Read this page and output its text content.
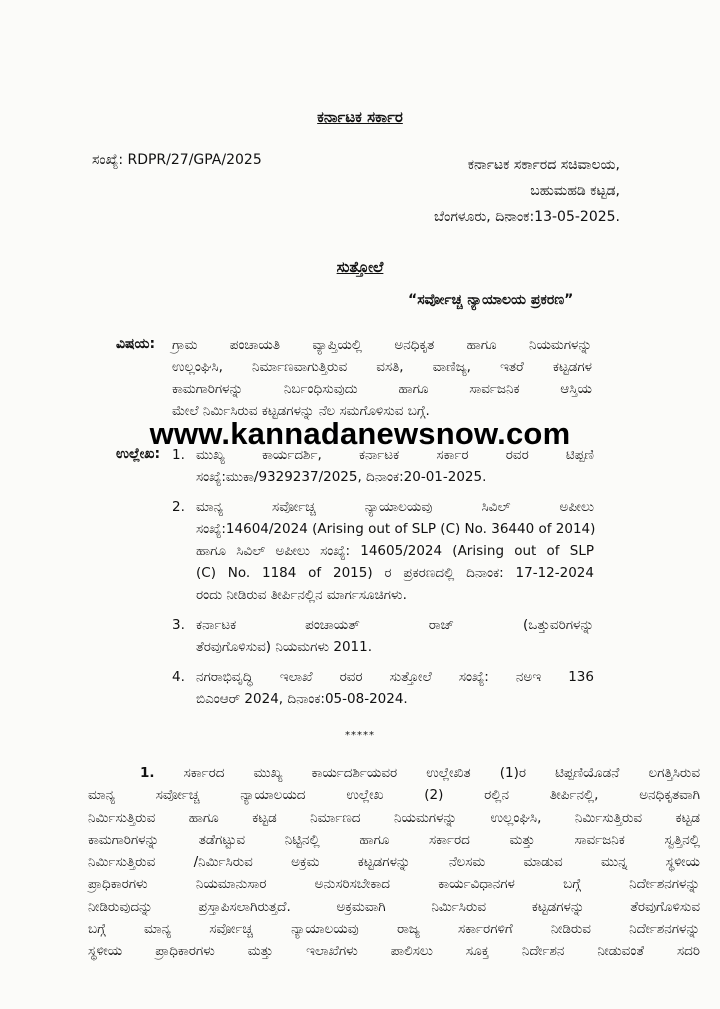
ಕರ್ನಾಟಕ ಸರ್ಕಾರ
ಸಂಖ್ಯೆ: RDPR/27/GPA/2025	ಕರ್ನಾಟಕ ಸರ್ಕಾರದ ಸಚಿವಾಲಯ,
ಬಹುಮಹಡಿ ಕಟ್ಟಡ,
ಬೆಂಗಳೂರು, ದಿನಾಂಕ:13-05-2025.
ಸುತ್ತೋಲೆ
“ಸರ್ವೋಚ್ಚ ನ್ಯಾಯಾಲಯ ಪ್ರಕರಣ”
ವಿಷಯ: ಗ್ರಾಮ ಪಂಚಾಯತಿ ವ್ಯಾಪ್ತಿಯಲ್ಲಿ ಅನಧಿಕೃತ ಹಾಗೂ ನಿಯಮಗಳನ್ನು
ಉಲ್ಲಂಘಿಸಿ, ನಿರ್ಮಾಣವಾಗುತ್ತಿರುವ ವಸತಿ, ವಾಣಿಜ್ಯ, ಇತರೆ ಕಟ್ಟಡಗಳ
ಕಾಮಗಾರಿಗಳನ್ನು ನಿರ್ಬಂಧಿಸುವುದು ಹಾಗೂ ಸಾರ್ವಜನಿಕ ಆಸ್ತಿಯ
ಮೇಲೆ ನಿರ್ಮಿಸಿರುವ ಕಟ್ಟಡಗಳನ್ನು ನೆಲ ಸಮಗೊಳಿಸುವ ಬಗ್ಗೆ.
www.kannadanewsnow.com
ಉಲ್ಲೇಖ: 1. ಮುಖ್ಯ ಕಾರ್ಯದರ್ಶಿ, ಕರ್ನಾಟಕ ಸರ್ಕಾರ ರವರ ಟಿಪ್ಪಣಿ
ಸಂಖ್ಯೆ:ಮುಕಾ/9329237/2025, ದಿನಾಂಕ:20-01-2025.
2. ಮಾನ್ಯ ಸರ್ವೋಚ್ಚ ನ್ಯಾಯಾಲಯವು ಸಿವಿಲ್ ಅಪೀಲು
ಸಂಖ್ಯೆ:14604/2024 (Arising out of SLP (C) No. 36440 of 2014)
ಹಾಗೂ ಸಿವಿಲ್ ಅಪೀಲು ಸಂಖ್ಯೆ: 14605/2024 (Arising out of SLP
(C) No. 1184 of 2015) ರ ಪ್ರಕರಣದಲ್ಲಿ ದಿನಾಂಕ: 17-12-2024
ರಂದು ನೀಡಿರುವ ತೀರ್ಪಿನಲ್ಲಿನ ಮಾರ್ಗಸೂಚಿಗಳು.
3. ಕರ್ನಾಟಕ ಪಂಚಾಯತ್ ರಾಜ್ (ಒತ್ತುವರಿಗಳನ್ನು
ತೆರವುಗೊಳಿಸುವ) ನಿಯಮಗಳು 2011.
4. ನಗರಾಭಿವೃದ್ಧಿ ಇಲಾಖೆ ರವರ ಸುತ್ತೋಲೆ ಸಂಖ್ಯೆ: ನಅಇ 136
ಬಿಎಂಆರ್ 2024, ದಿನಾಂಕ:05-08-2024.
*****
1. ಸರ್ಕಾರದ ಮುಖ್ಯ ಕಾರ್ಯದರ್ಶಿಯವರ ಉಲ್ಲೇಖಿತ (1)ರ ಟಿಪ್ಪಣಿಯೊಡನೆ ಲಗತ್ತಿಸಿರುವ
ಮಾನ್ಯ ಸರ್ವೋಚ್ಚ ನ್ಯಾಯಾಲಯದ ಉಲ್ಲೇಖ (2) ರಲ್ಲಿನ ತೀರ್ಪಿನಲ್ಲಿ, ಅನಧಿಕೃತವಾಗಿ
ನಿರ್ಮಿಸುತ್ತಿರುವ ಹಾಗೂ ಕಟ್ಟಡ ನಿರ್ಮಾಣದ ನಿಯಮಗಳನ್ನು ಉಲ್ಲಂಘಿಸಿ, ನಿರ್ಮಿಸುತ್ತಿರುವ ಕಟ್ಟಡ
ಕಾಮಗಾರಿಗಳನ್ನು ತಡೆಗಟ್ಟುವ ನಿಟ್ಟಿನಲ್ಲಿ ಹಾಗೂ ಸರ್ಕಾರದ ಮತ್ತು ಸಾರ್ವಜನಿಕ ಸ್ವತ್ತಿನಲ್ಲಿ
ನಿರ್ಮಿಸುತ್ತಿರುವ /ನಿರ್ಮಿಸಿರುವ ಅಕ್ರಮ ಕಟ್ಟಡಗಳನ್ನು ನೆಲಸಮ ಮಾಡುವ ಮುನ್ನ ಸ್ಥಳೀಯ
ಪ್ರಾಧಿಕಾರಗಳು ನಿಯಮಾನುಸಾರ ಅನುಸರಿಸಬೇಕಾದ ಕಾರ್ಯವಿಧಾನಗಳ ಬಗ್ಗೆ ನಿರ್ದೇಶನಗಳನ್ನು
ನೀಡಿರುವುದನ್ನು ಪ್ರಸ್ತಾಪಿಸಲಾಗಿರುತ್ತದೆ. ಅಕ್ರಮವಾಗಿ ನಿರ್ಮಿಸಿರುವ ಕಟ್ಟಡಗಳನ್ನು ತೆರವುಗೊಳಿಸುವ
ಬಗ್ಗೆ ಮಾನ್ಯ ಸರ್ವೋಚ್ಚ ನ್ಯಾಯಾಲಯವು ರಾಜ್ಯ ಸರ್ಕಾರಗಳಿಗೆ ನೀಡಿರುವ ನಿರ್ದೇಶನಗಳನ್ನು
ಸ್ಥಳೀಯ ಪ್ರಾಧಿಕಾರಗಳು ಮತ್ತು ಇಲಾಖೆಗಳು ಪಾಲಿಸಲು ಸೂಕ್ತ ನಿರ್ದೇಶನ ನೀಡುವಂತೆ ಸದರಿ
